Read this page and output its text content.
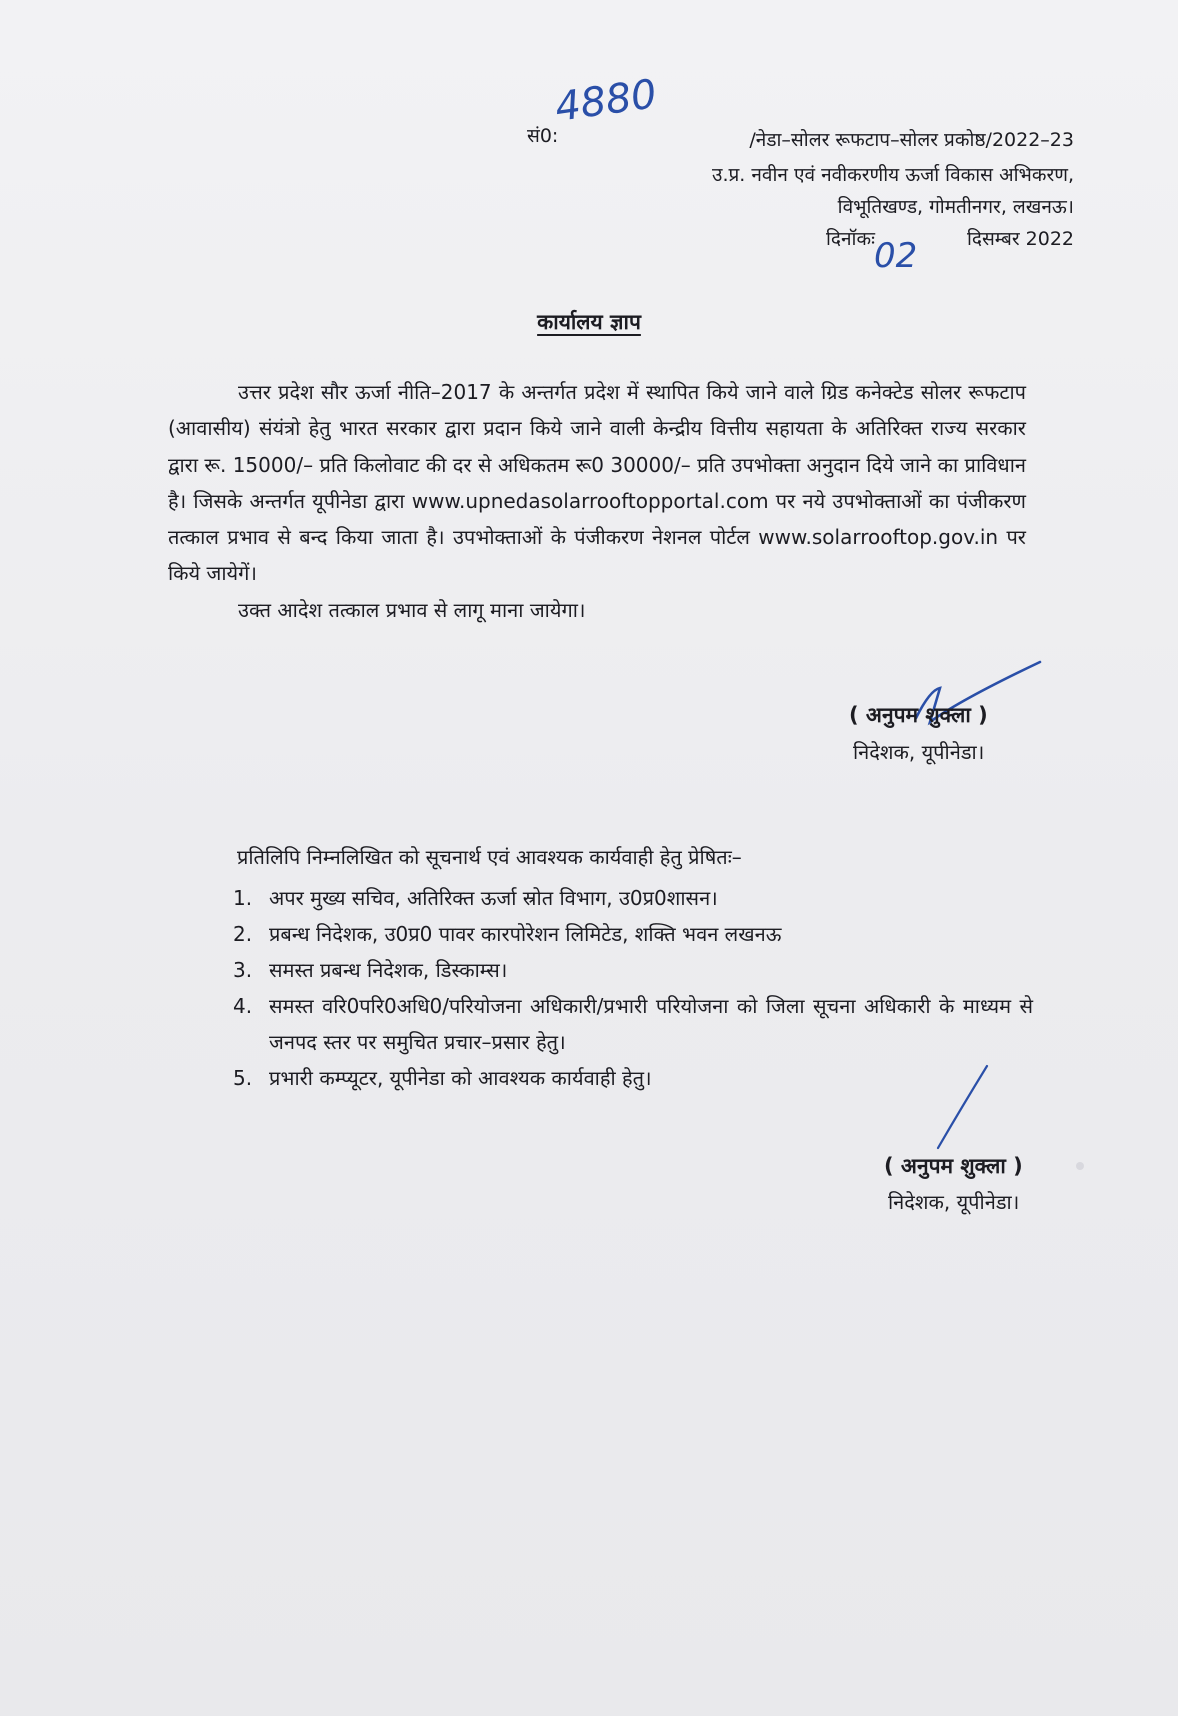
सं0:
4880
/नेडा–सोलर रूफटाप–सोलर प्रकोष्ठ/2022–23
उ.प्र. नवीन एवं नवीकरणीय ऊर्जा विकास अभिकरण,
विभूतिखण्ड, गोमतीनगर, लखनऊ।
दिनॉकः 02	दिसम्बर 2022
कार्यालय ज्ञाप

उत्तर प्रदेश सौर ऊर्जा नीति–2017 के अन्तर्गत प्रदेश में स्थापित किये जाने वाले ग्रिड कनेक्टेड सोलर रूफटाप (आवासीय) संयंत्रो हेतु भारत सरकार द्वारा प्रदान किये जाने वाली केन्द्रीय वित्तीय सहायता के अतिरिक्त राज्य सरकार द्वारा रू. 15000/– प्रति किलोवाट की दर से अधिकतम रू0 30000/– प्रति उपभोक्ता अनुदान दिये जाने का प्राविधान है। जिसके अन्तर्गत यूपीनेडा द्वारा www.upnedasolarrooftopportal.com पर नये उपभोक्ताओं का पंजीकरण तत्काल प्रभाव से बन्द किया जाता है। उपभोक्ताओं के पंजीकरण नेशनल पोर्टल www.solarrooftop.gov.in पर किये जायेगें।

उक्त आदेश तत्काल प्रभाव से लागू माना जायेगा।

( अनुपम शुक्ला )
निदेशक, यूपीनेडा।
प्रतिलिपि निम्नलिखित को सूचनार्थ एवं आवश्यक कार्यवाही हेतु प्रेषितः–
1. अपर मुख्य सचिव, अतिरिक्त ऊर्जा स्रोत विभाग, उ0प्र0शासन।
2. प्रबन्ध निदेशक, उ0प्र0 पावर कारपोरेशन लिमिटेड, शक्ति भवन लखनऊ
3. समस्त प्रबन्ध निदेशक, डिस्काम्स।
4. समस्त वरि0परि0अधि0/परियोजना अधिकारी/प्रभारी परियोजना को जिला सूचना अधिकारी के माध्यम से जनपद स्तर पर समुचित प्रचार–प्रसार हेतु।
5. प्रभारी कम्प्यूटर, यूपीनेडा को आवश्यक कार्यवाही हेतु।
( अनुपम शुक्ला )
निदेशक, यूपीनेडा।
